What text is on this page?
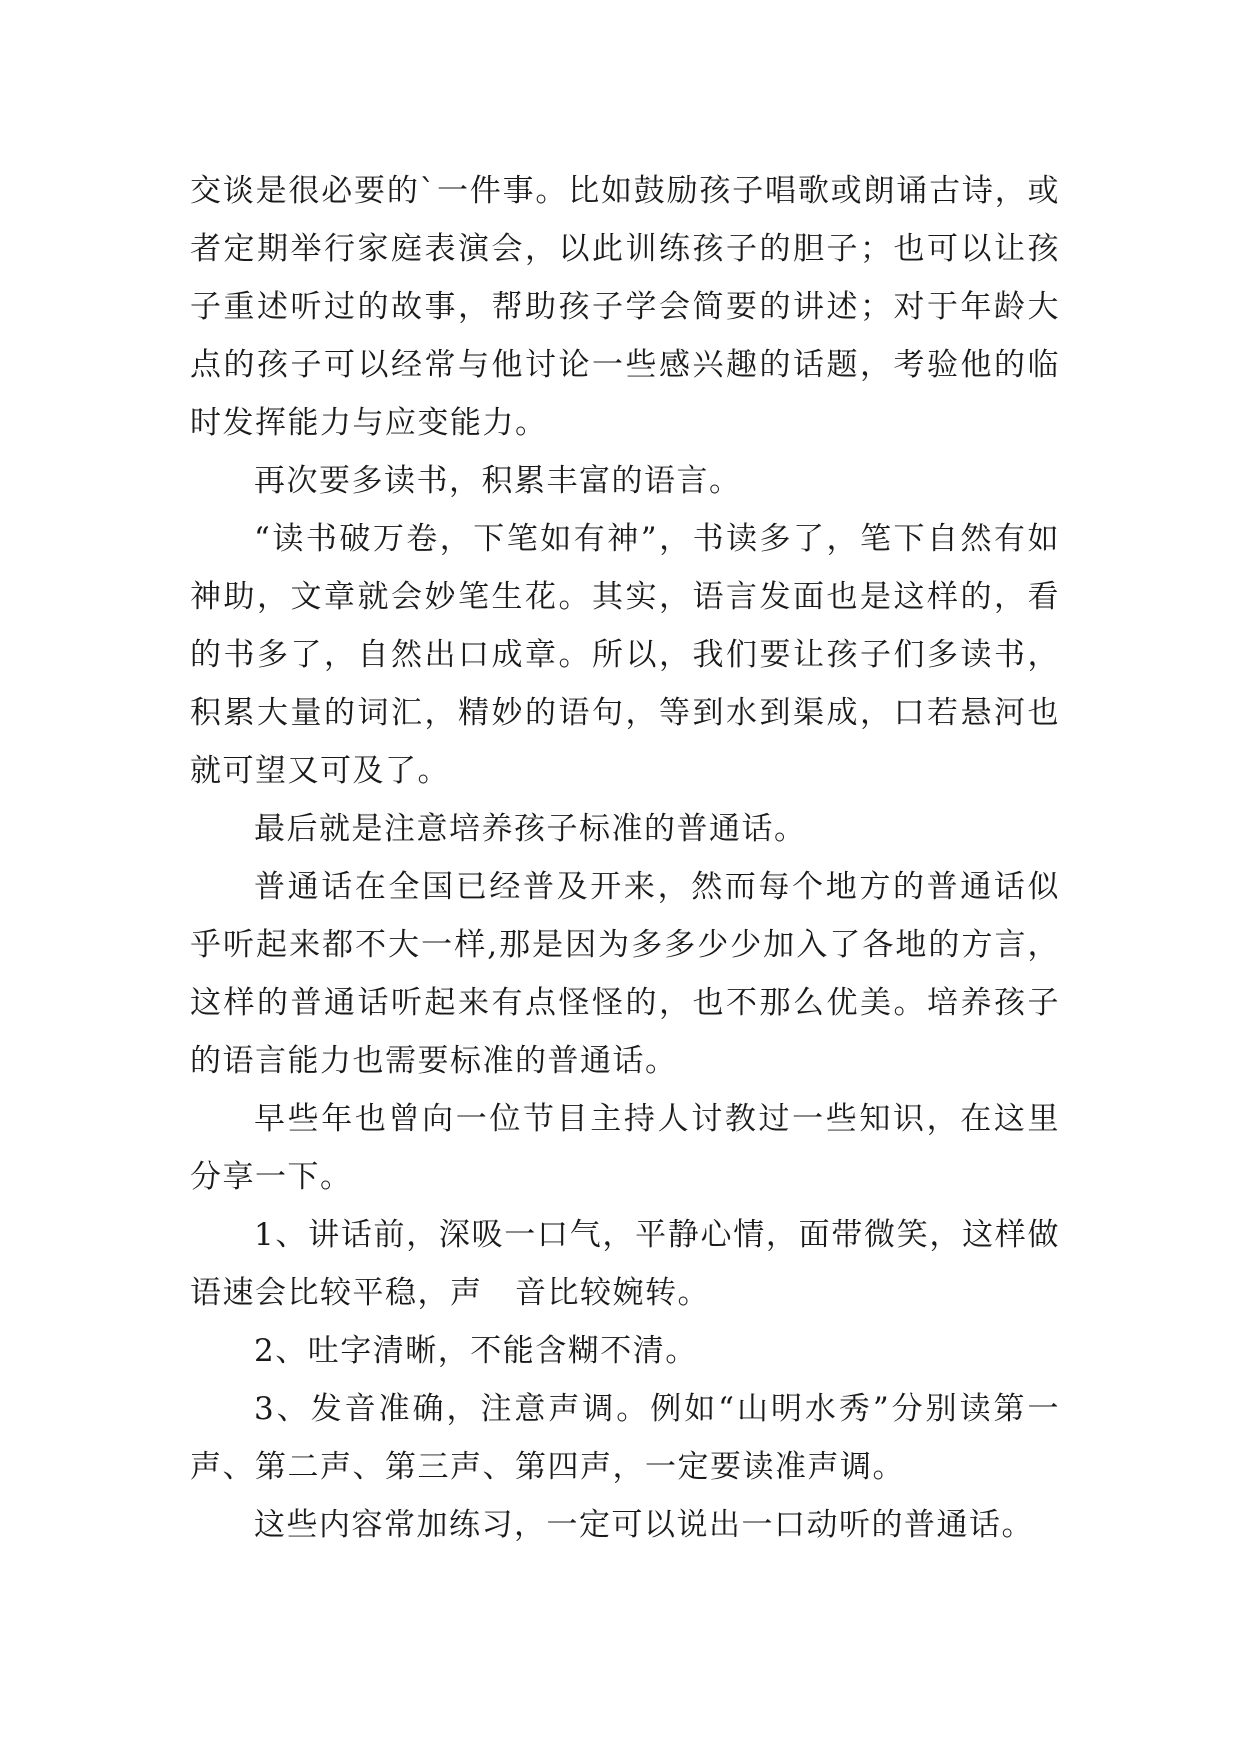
交谈是很必要的`一件事。比如鼓励孩子唱歌或朗诵古诗，或者定期举行家庭表演会，以此训练孩子的胆子；也可以让孩子重述听过的故事，帮助孩子学会简要的讲述；对于年龄大点的孩子可以经常与他讨论一些感兴趣的话题，考验他的临时发挥能力与应变能力。

再次要多读书，积累丰富的语言。

“读书破万卷，下笔如有神”，书读多了，笔下自然有如神助，文章就会妙笔生花。其实，语言发面也是这样的，看的书多了，自然出口成章。所以，我们要让孩子们多读书，积累大量的词汇，精妙的语句，等到水到渠成，口若悬河也就可望又可及了。

最后就是注意培养孩子标准的普通话。

普通话在全国已经普及开来，然而每个地方的普通话似乎听起来都不大一样,那是因为多多少少加入了各地的方言，这样的普通话听起来有点怪怪的，也不那么优美。培养孩子的语言能力也需要标准的普通话。

早些年也曾向一位节目主持人讨教过一些知识，在这里分享一下。

1、讲话前，深吸一口气，平静心情，面带微笑，这样做语速会比较平稳，声　音比较婉转。

2、吐字清晰，不能含糊不清。

3、发音准确，注意声调。例如“山明水秀”分别读第一声、第二声、第三声、第四声，一定要读准声调。

这些内容常加练习，一定可以说出一口动听的普通话。
